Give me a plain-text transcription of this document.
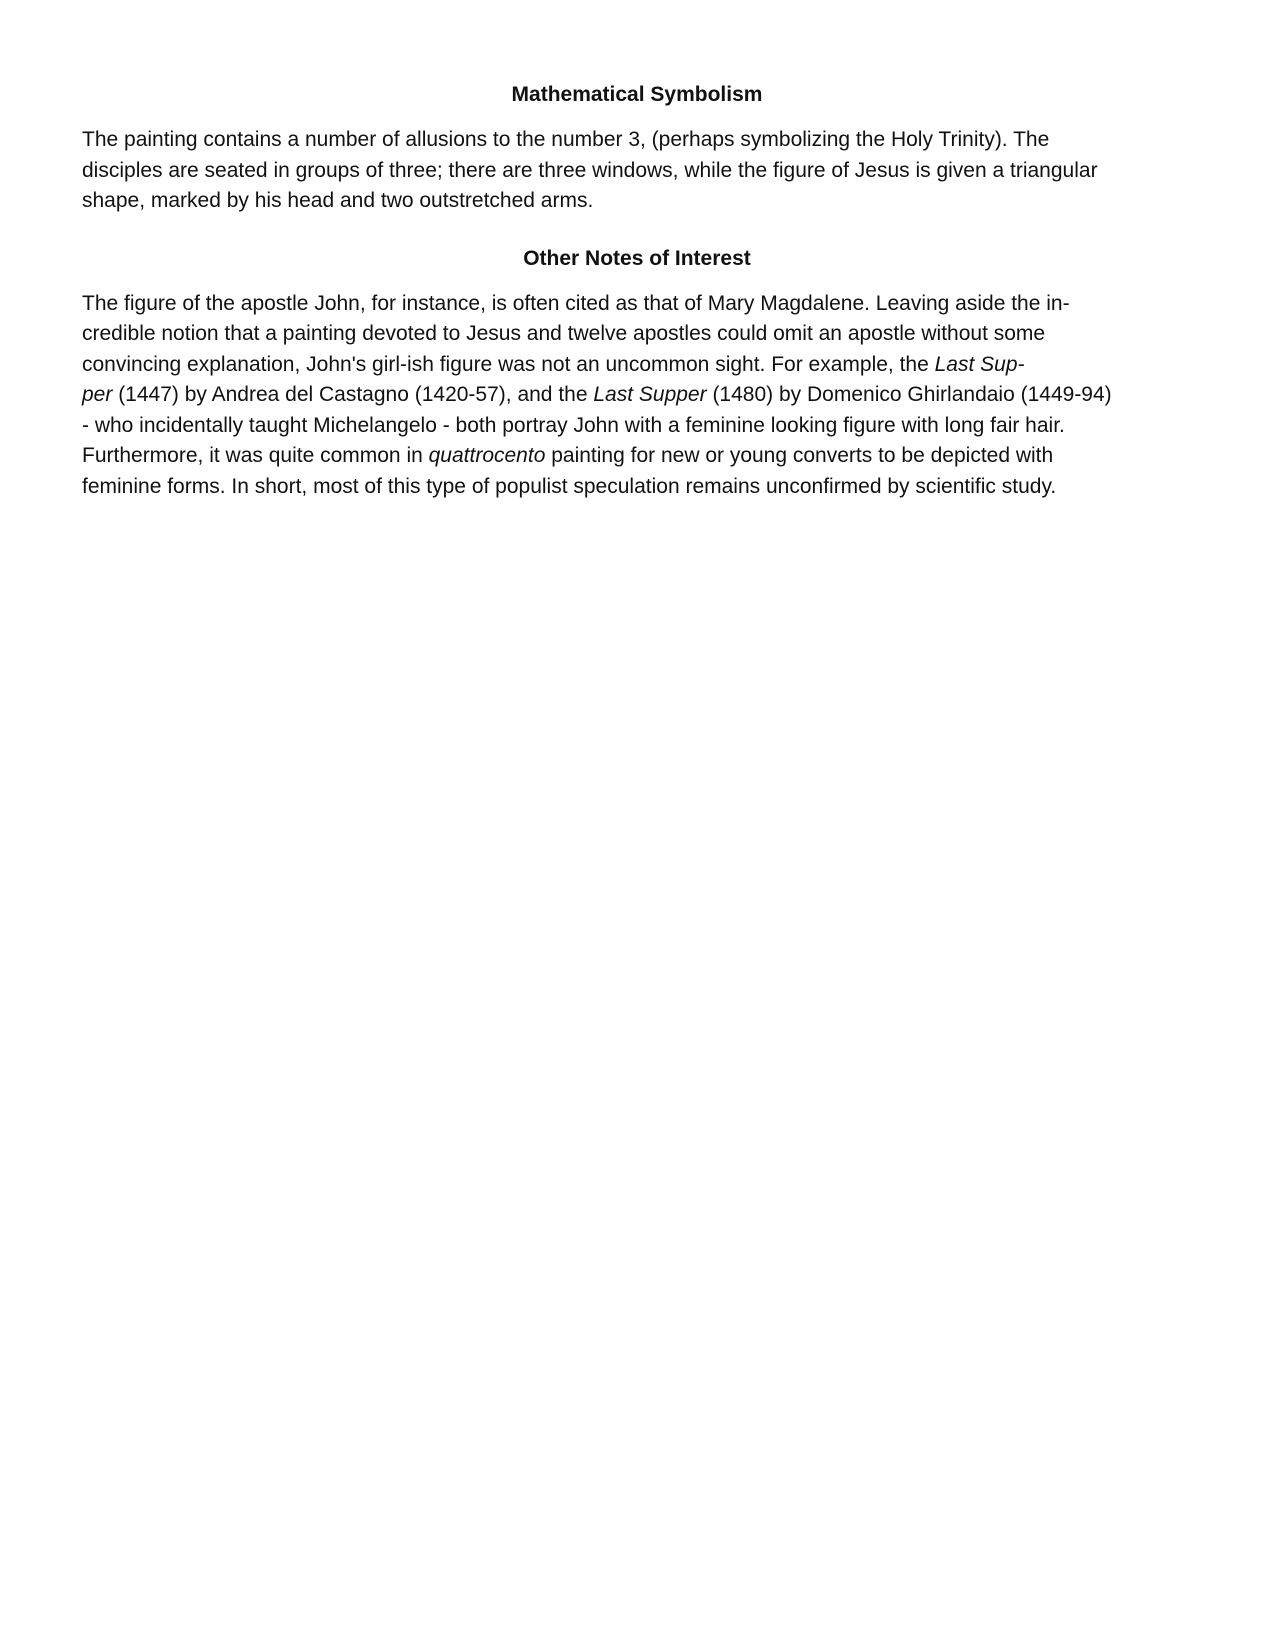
Mathematical Symbolism

The painting contains a number of allusions to the number 3, (perhaps symbolizing the Holy Trinity). The
disciples are seated in groups of three; there are three windows, while the figure of Jesus is given a triangular
shape, marked by his head and two outstretched arms.

Other Notes of Interest

The figure of the apostle John, for instance, is often cited as that of Mary Magdalene. Leaving aside the in-
credible notion that a painting devoted to Jesus and twelve apostles could omit an apostle without some
convincing explanation, John's girl-ish figure was not an uncommon sight. For example, the Last Sup-
per (1447) by Andrea del Castagno (1420-57), and the Last Supper (1480) by Domenico Ghirlandaio (1449-94)
- who incidentally taught Michelangelo - both portray John with a feminine looking figure with long fair hair.
Furthermore, it was quite common in quattrocento painting for new or young converts to be depicted with
feminine forms. In short, most of this type of populist speculation remains unconfirmed by scientific study.
